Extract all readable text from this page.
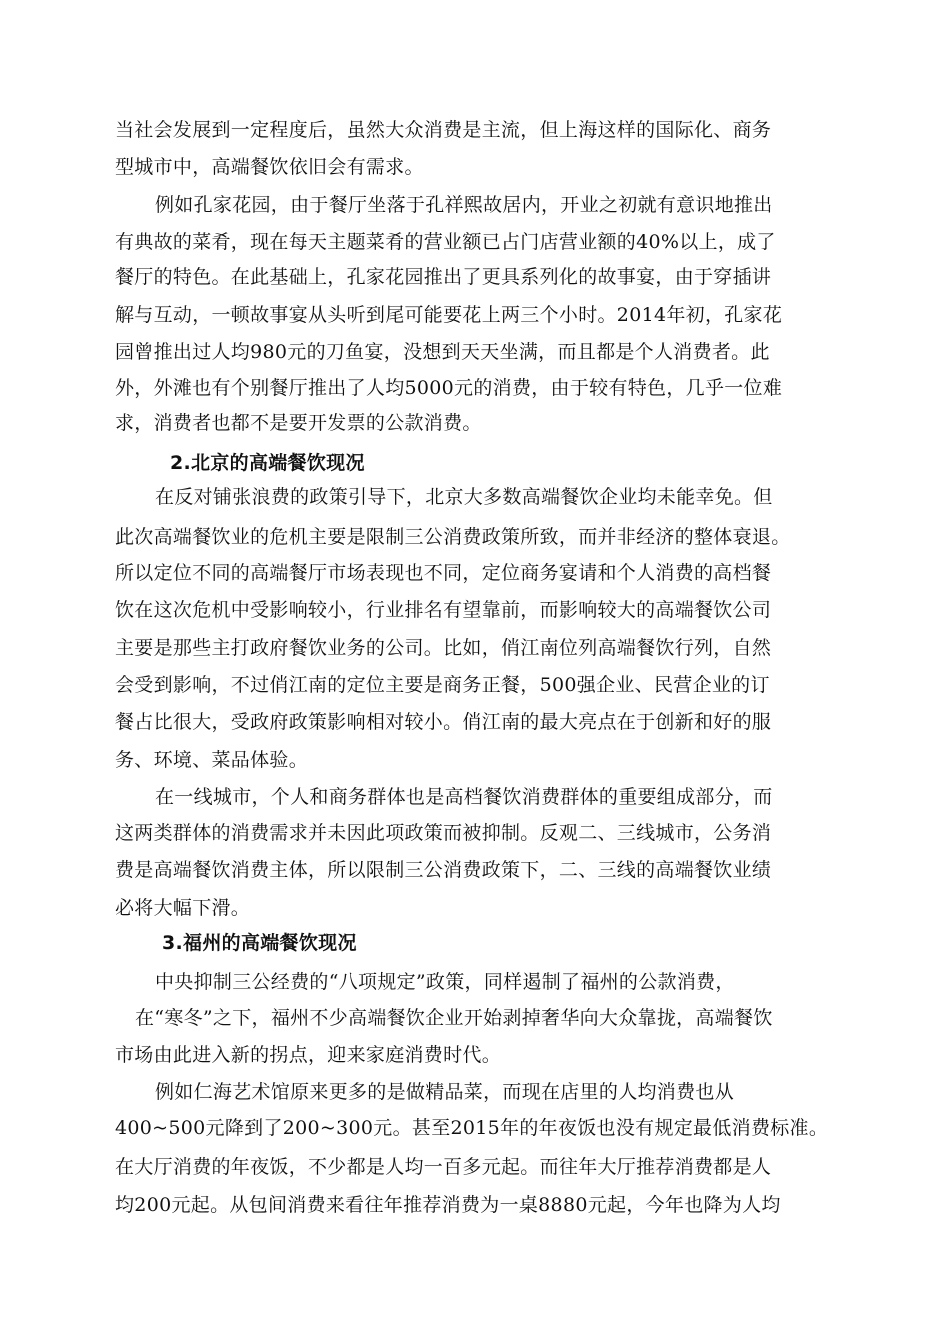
当社会发展到一定程度后，虽然大众消费是主流，但上海这样的国际化、商务
型城市中，高端餐饮依旧会有需求。
例如孔家花园，由于餐厅坐落于孔祥熙故居内，开业之初就有意识地推出
有典故的菜肴，现在每天主题菜肴的营业额已占门店营业额的40%以上，成了
餐厅的特色。在此基础上，孔家花园推出了更具系列化的故事宴，由于穿插讲
解与互动，一顿故事宴从头听到尾可能要花上两三个小时。2014年初，孔家花
园曾推出过人均980元的刀鱼宴，没想到天天坐满，而且都是个人消费者。此
外，外滩也有个别餐厅推出了人均5000元的消费，由于较有特色，几乎一位难
求，消费者也都不是要开发票的公款消费。
2.北京的高端餐饮现况
在反对铺张浪费的政策引导下，北京大多数高端餐饮企业均未能幸免。但
此次高端餐饮业的危机主要是限制三公消费政策所致，而并非经济的整体衰退。
所以定位不同的高端餐厅市场表现也不同，定位商务宴请和个人消费的高档餐
饮在这次危机中受影响较小，行业排名有望靠前，而影响较大的高端餐饮公司
主要是那些主打政府餐饮业务的公司。比如，俏江南位列高端餐饮行列，自然
会受到影响，不过俏江南的定位主要是商务正餐，500强企业、民营企业的订
餐占比很大，受政府政策影响相对较小。俏江南的最大亮点在于创新和好的服
务、环境、菜品体验。
在一线城市，个人和商务群体也是高档餐饮消费群体的重要组成部分，而
这两类群体的消费需求并未因此项政策而被抑制。反观二、三线城市，公务消
费是高端餐饮消费主体，所以限制三公消费政策下，二、三线的高端餐饮业绩
必将大幅下滑。
3.福州的高端餐饮现况
中央抑制三公经费的“八项规定”政策，同样遏制了福州的公款消费，
在“寒冬”之下，福州不少高端餐饮企业开始剥掉奢华向大众靠拢，高端餐饮
市场由此进入新的拐点，迎来家庭消费时代。
例如仁海艺术馆原来更多的是做精品菜，而现在店里的人均消费也从
400~500元降到了200~300元。甚至2015年的年夜饭也没有规定最低消费标准。
在大厅消费的年夜饭，不少都是人均一百多元起。而往年大厅推荐消费都是人
均200元起。从包间消费来看往年推荐消费为一桌8880元起，今年也降为人均
